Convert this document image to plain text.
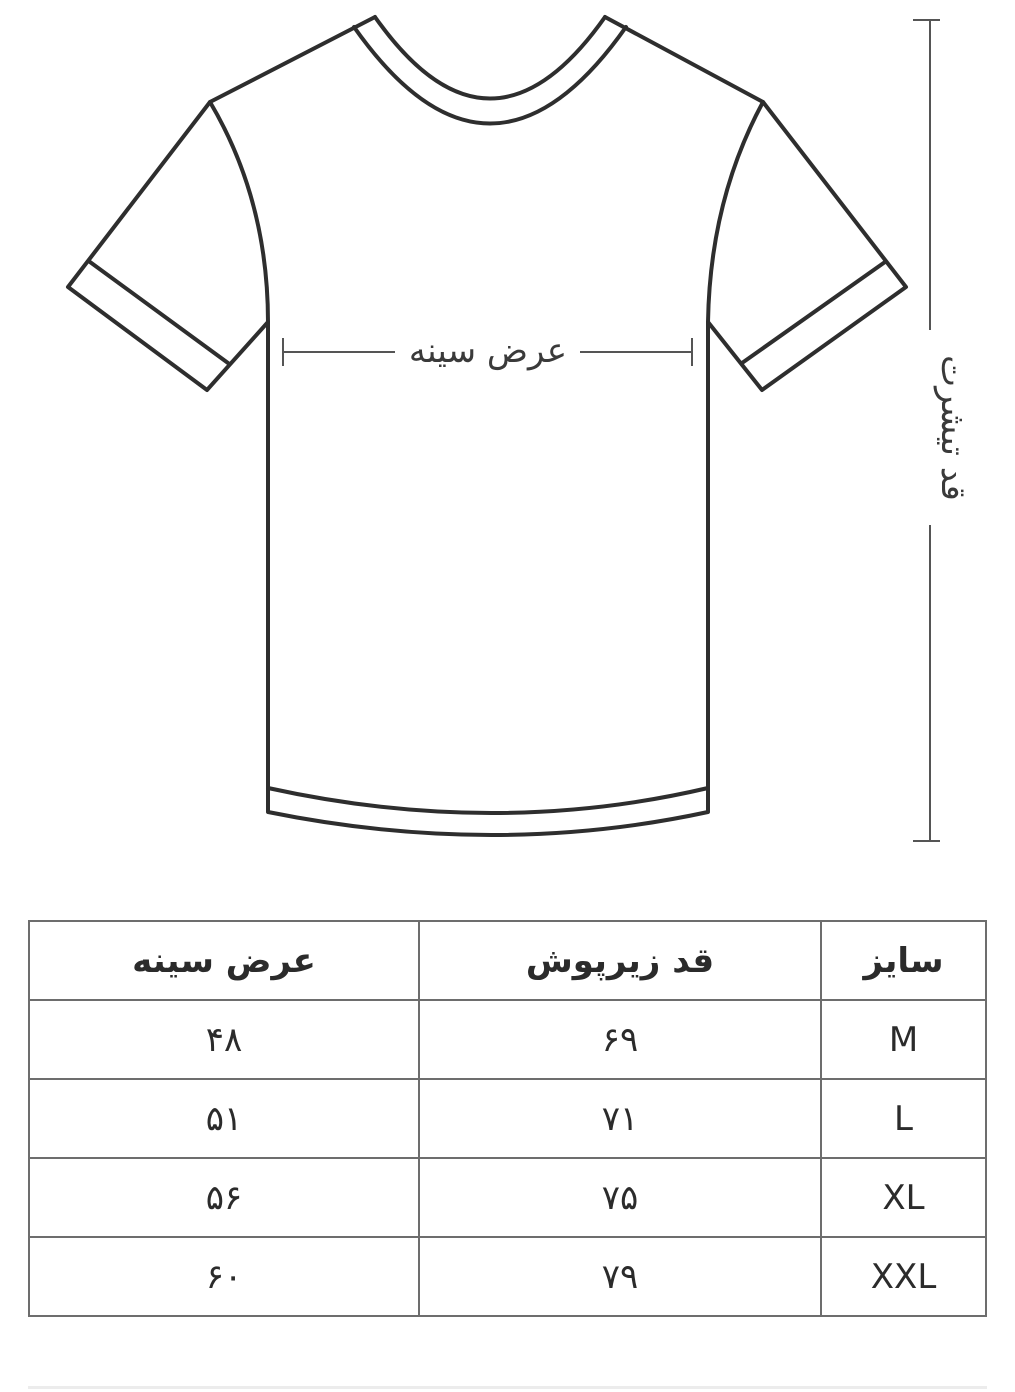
عرض سینه
قد تیشرت
سایز	قد زیرپوش	عرض سینه
M	۶۹	۴۸
L	۷۱	۵۱
XL	۷۵	۵۶
XXL	۷۹	۶۰
